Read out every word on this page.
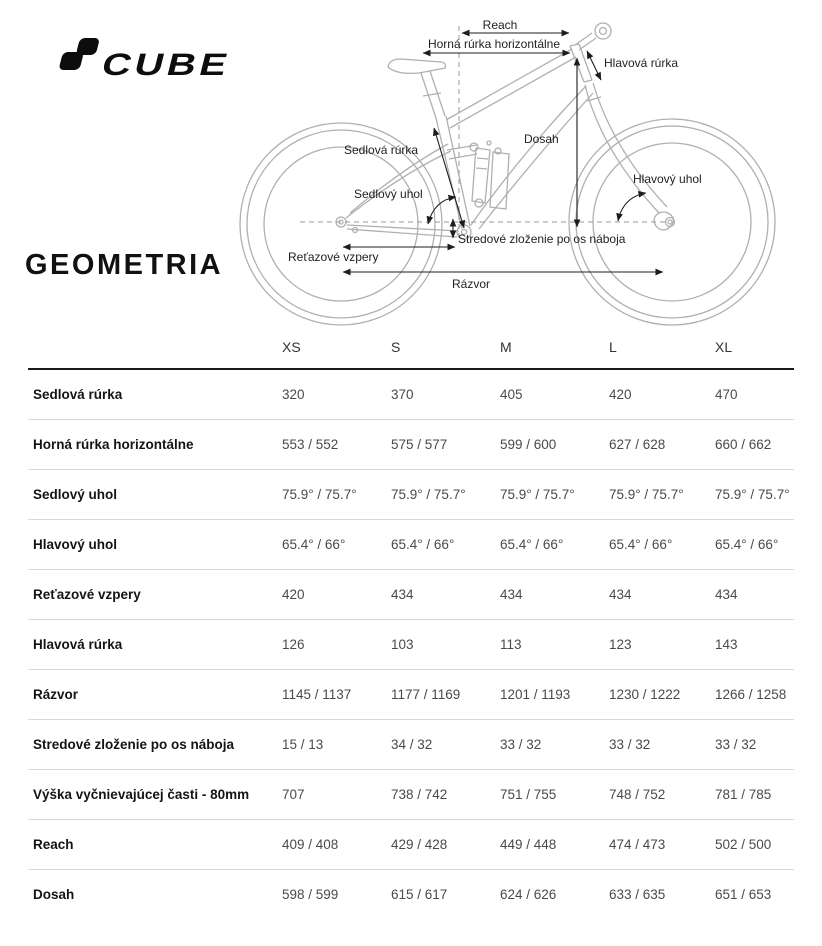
CUBE
Reach
Horná rúrka horizontálne
Hlavová rúrka
Dosah
Sedlová rúrka
Sedlový uhol
Hlavový uhol
Stredové zloženie po os náboja
Reťazové vzpery
Rázvor
GEOMETRIA
XS	S	M	L	XL
Sedlová rúrka	320	370	405	420	470
Horná rúrka horizontálne	553 / 552	575 / 577	599 / 600	627 / 628	660 / 662
Sedlový uhol	75.9° / 75.7°	75.9° / 75.7°	75.9° / 75.7°	75.9° / 75.7°	75.9° / 75.7°
Hlavový uhol	65.4° / 66°	65.4° / 66°	65.4° / 66°	65.4° / 66°	65.4° / 66°
Reťazové vzpery	420	434	434	434	434
Hlavová rúrka	126	103	113	123	143
Rázvor	1145 / 1137	1177 / 1169	1201 / 1193	1230 / 1222	1266 / 1258
Stredové zloženie po os náboja	15 / 13	34 / 32	33 / 32	33 / 32	33 / 32
Výška vyčnievajúcej časti - 80mm	707	738 / 742	751 / 755	748 / 752	781 / 785
Reach	409 / 408	429 / 428	449 / 448	474 / 473	502 / 500
Dosah	598 / 599	615 / 617	624 / 626	633 / 635	651 / 653
